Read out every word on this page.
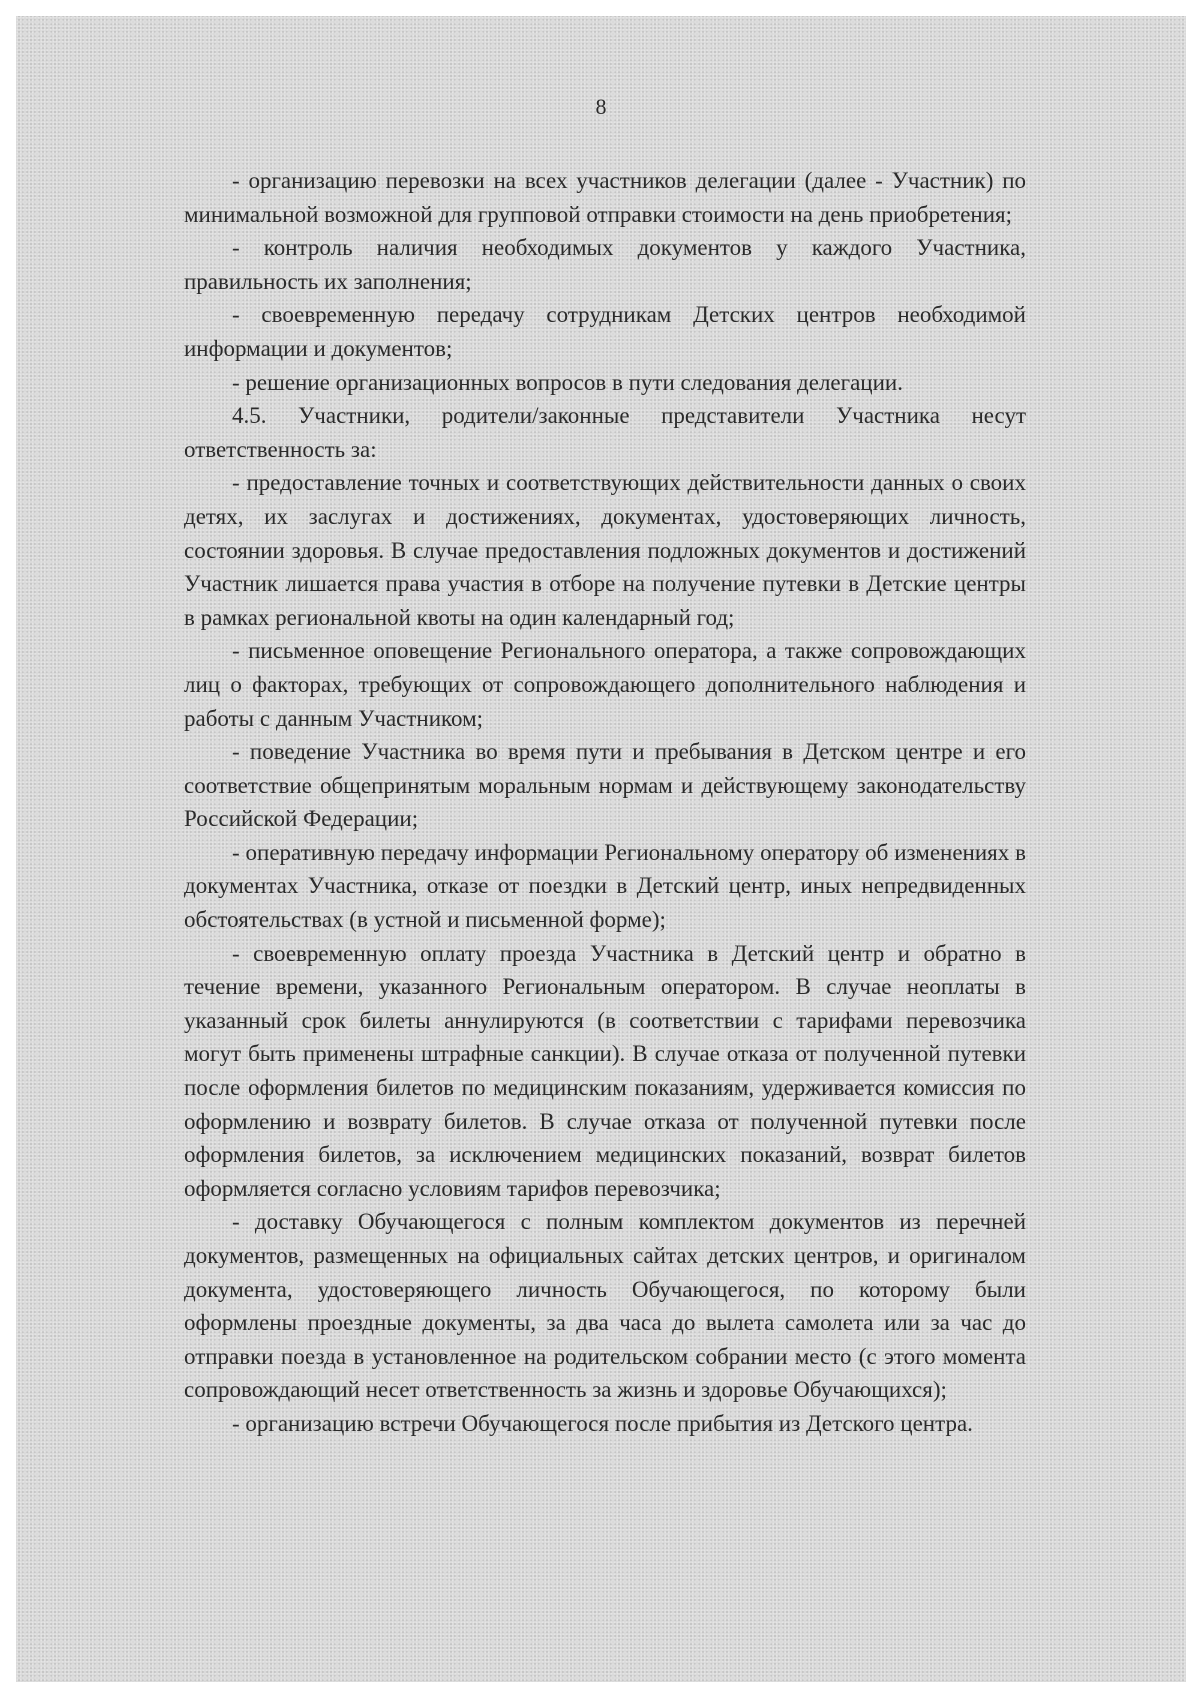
8

- организацию перевозки на всех участников делегации (далее - Участник) по минимальной возможной для групповой отправки стоимости на день приобретения;

- контроль наличия необходимых документов у каждого Участника, правильность их заполнения;

- своевременную передачу сотрудникам Детских центров необходимой информации и документов;

- решение организационных вопросов в пути следования делегации.

4.5. Участники, родители/законные представители Участника несут ответственность за:

- предоставление точных и соответствующих действительности данных о своих детях, их заслугах и достижениях, документах, удостоверяющих личность, состоянии здоровья. В случае предоставления подложных документов и достижений Участник лишается права участия в отборе на получение путевки в Детские центры в рамках региональной квоты на один календарный год;

- письменное оповещение Регионального оператора, а также сопровождающих лиц о факторах, требующих от сопровождающего дополнительного наблюдения и работы с данным Участником;

- поведение Участника во время пути и пребывания в Детском центре и его соответствие общепринятым моральным нормам и действующему законодательству Российской Федерации;

- оперативную передачу информации Региональному оператору об изменениях в документах Участника, отказе от поездки в Детский центр, иных непредвиденных обстоятельствах (в устной и письменной форме);

- своевременную оплату проезда Участника в Детский центр и обратно в течение времени, указанного Региональным оператором. В случае неоплаты в указанный срок билеты аннулируются (в соответствии с тарифами перевозчика могут быть применены штрафные санкции). В случае отказа от полученной путевки после оформления билетов по медицинским показаниям, удерживается комиссия по оформлению и возврату билетов. В случае отказа от полученной путевки после оформления билетов, за исключением медицинских показаний, возврат билетов оформляется согласно условиям тарифов перевозчика;

- доставку Обучающегося с полным комплектом документов из перечней документов, размещенных на официальных сайтах детских центров, и оригиналом документа, удостоверяющего личность Обучающегося, по которому были оформлены проездные документы, за два часа до вылета самолета или за час до отправки поезда в установленное на родительском собрании место (с этого момента сопровождающий несет ответственность за жизнь и здоровье Обучающихся);

- организацию встречи Обучающегося после прибытия из Детского центра.
